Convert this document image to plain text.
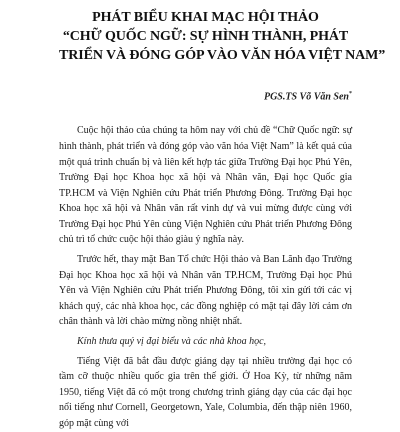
PHÁT BIỂU KHAI MẠC HỘI THẢO
“CHỮ QUỐC NGỮ: SỰ HÌNH THÀNH, PHÁT
TRIỂN VÀ ĐÓNG GÓP VÀO VĂN HÓA VIỆT NAM”
PGS.TS Võ Văn Sen*

Cuộc hội thảo của chúng ta hôm nay với chủ đề “Chữ Quốc ngữ: sự hình thành, phát triển và đóng góp vào văn hóa Việt Nam” là kết quả của một quá trình chuẩn bị và liên kết hợp tác giữa Trường Đại học Phú Yên, Trường Đại học Khoa học xã hội và Nhân văn, Đại học Quốc gia TP.HCM và Viện Nghiên cứu Phát triển Phương Đông. Trường Đại học Khoa học xã hội và Nhân văn rất vinh dự và vui mừng được cùng với Trường Đại học Phú Yên cùng Viện Nghiên cứu Phát triển Phương Đông chủ trì tổ chức cuộc hội thảo giàu ý nghĩa này.

Trước hết, thay mặt Ban Tổ chức Hội thảo và Ban Lãnh đạo Trường Đại học Khoa học xã hội và Nhân văn TP.HCM, Trường Đại học Phú Yên và Viện Nghiên cứu Phát triển Phương Đông, tôi xin gửi tới các vị khách quý, các nhà khoa học, các đồng nghiệp có mặt tại đây lời cảm ơn chân thành và lời chào mừng nồng nhiệt nhất.

Kính thưa quý vị đại biểu và các nhà khoa học,

Tiếng Việt đã bắt đầu được giảng dạy tại nhiều trường đại học có tầm cỡ thuộc nhiều quốc gia trên thế giới. Ở Hoa Kỳ, từ những năm 1950, tiếng Việt đã có một trong chương trình giảng dạy của các đại học nổi tiếng như Cornell, Georgetown, Yale, Columbia, đến thập niên 1960, góp mặt cùng với
